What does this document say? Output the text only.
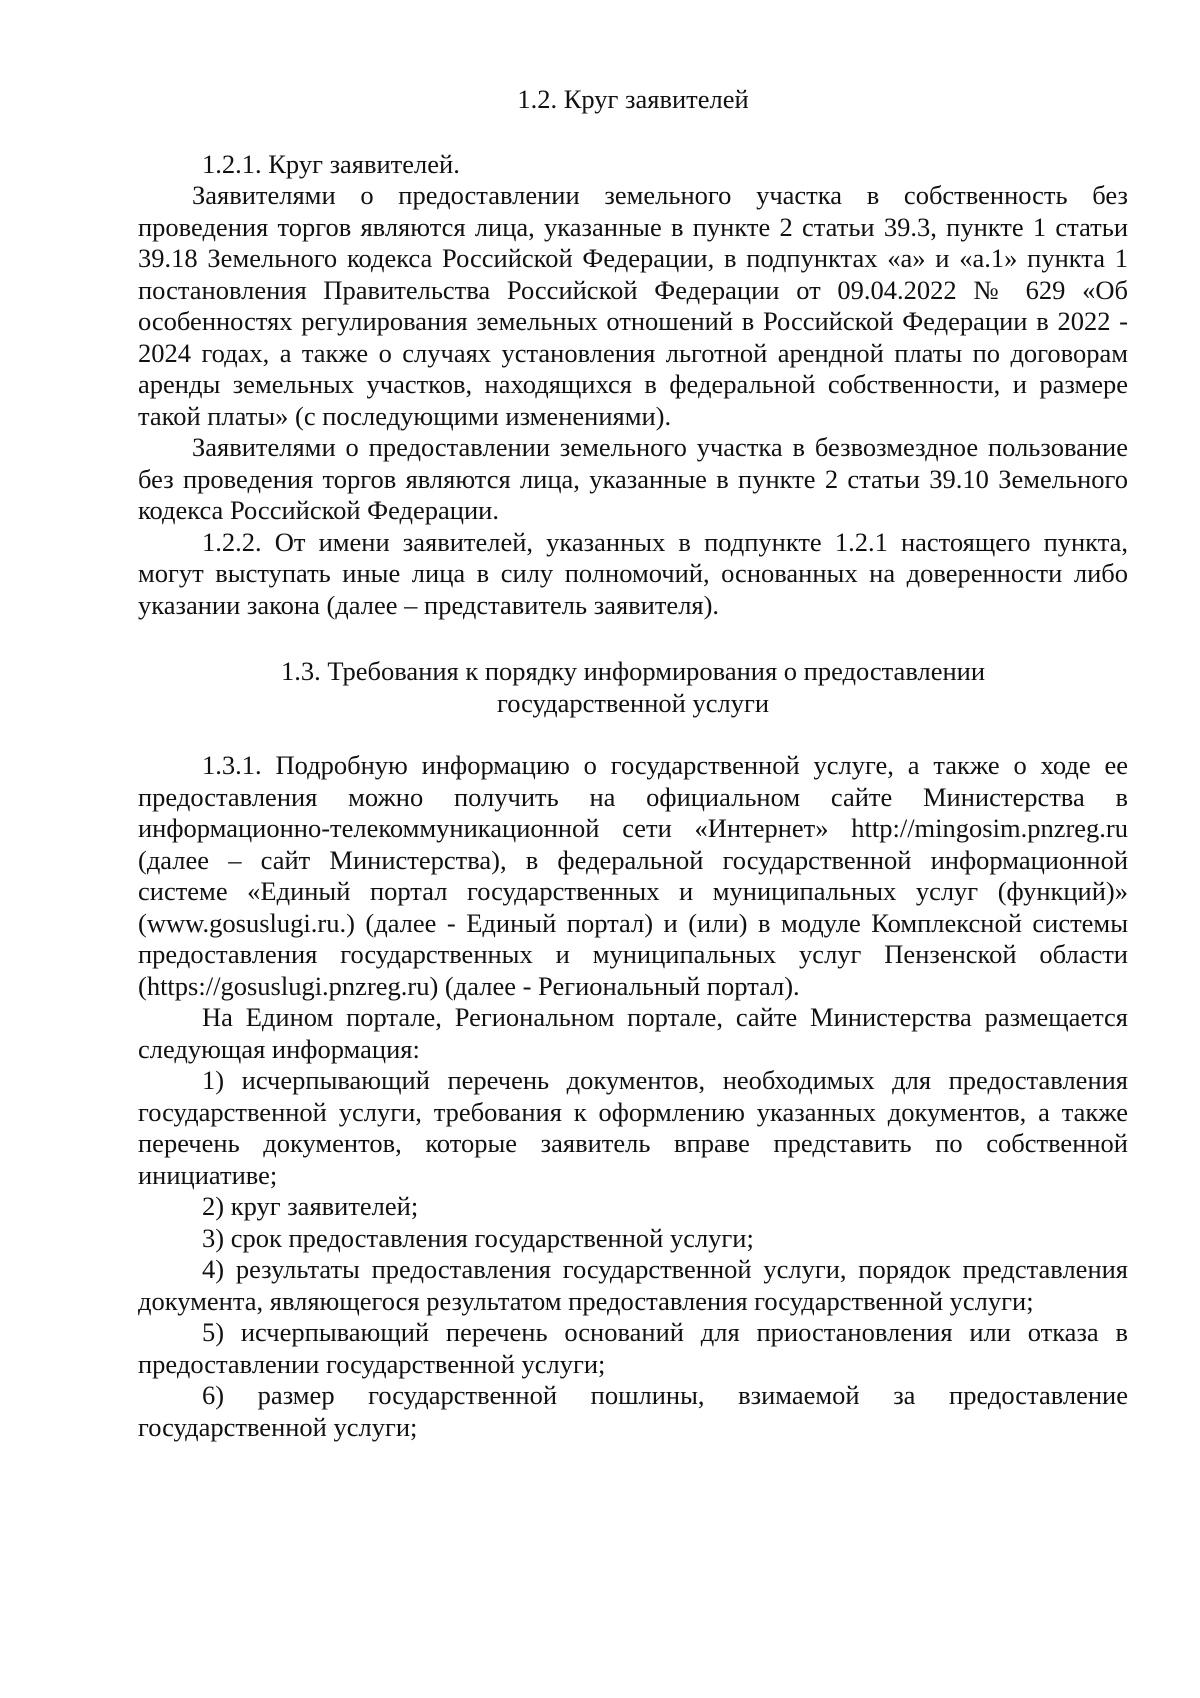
1.2. Круг заявителей

1.2.1. Круг заявителей.

Заявителями о предоставлении земельного участка в собственность без проведения торгов являются лица, указанные в пункте 2 статьи 39.3, пункте 1 статьи 39.18 Земельного кодекса Российской Федерации, в подпунктах «а» и «а.1» пункта 1 постановления Правительства Российской Федерации от 09.04.2022 № 629 «Об особенностях регулирования земельных отношений в Российской Федерации в 2022 - 2024 годах, а также о случаях установления льготной арендной платы по договорам аренды земельных участков, находящихся в федеральной собственности, и размере такой платы» (с последующими изменениями).

Заявителями о предоставлении земельного участка в безвозмездное пользование без проведения торгов являются лица, указанные в пункте 2 статьи 39.10 Земельного кодекса Российской Федерации.

1.2.2. От имени заявителей, указанных в подпункте 1.2.1 настоящего пункта, могут выступать иные лица в силу полномочий, основанных на доверенности либо указании закона (далее – представитель заявителя).

1.3. Требования к порядку информирования о предоставлении

государственной услуги

1.3.1. Подробную информацию о государственной услуге, а также о ходе ее предоставления можно получить на официальном сайте Министерства в информационно-телекоммуникационной сети «Интернет» http://mingosim.pnzreg.ru (далее – сайт Министерства), в федеральной государственной информационной системе «Единый портал государственных и муниципальных услуг (функций)» (www.gosuslugi.ru.) (далее - Единый портал) и (или) в модуле Комплексной системы предоставления государственных и муниципальных услуг Пензенской области (https://gosuslugi.pnzreg.ru) (далее - Региональный портал).

На Едином портале, Региональном портале, сайте Министерства размещается следующая информация:

1) исчерпывающий перечень документов, необходимых для предоставления государственной услуги, требования к оформлению указанных документов, а также перечень документов, которые заявитель вправе представить по собственной инициативе;

2) круг заявителей;

3) срок предоставления государственной услуги;

4) результаты предоставления государственной услуги, порядок представления документа, являющегося результатом предоставления государственной услуги;

5) исчерпывающий перечень оснований для приостановления или отказа в предоставлении государственной услуги;

6) размер государственной пошлины, взимаемой за предоставление государственной услуги;
